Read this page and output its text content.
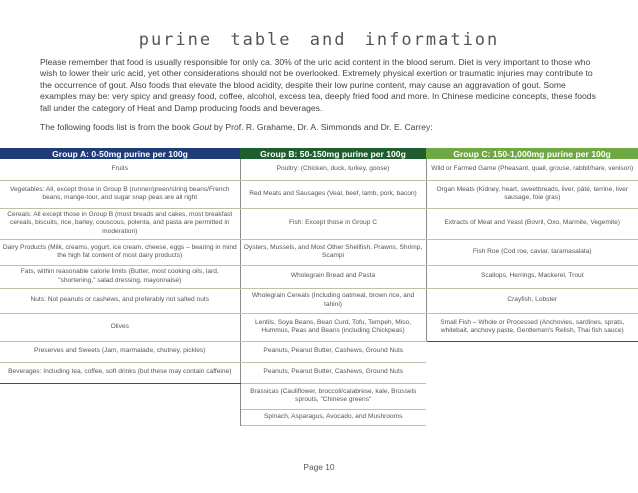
purine table and information

Please remember that food is usually responsible for only ca. 30% of the uric acid content in the blood serum. Diet is very important to those who wish to lower their uric acid, yet other considerations should not be overlooked. Extremely physical exertion or traumatic injuries may contribute to the occurrence of gout. Also foods that elevate the blood acidity, despite their low purine content, may cause an aggravation of gout. Some examples may be: very spicy and greasy food, coffee, alcohol, excess tea, deeply fried food and more. In Chinese medicine concepts, these foods fall under the category of Heat and Damp producing foods and beverages.

The following foods list is from the book Gout by Prof. R. Grahame, Dr. A. Simmonds and Dr. E. Carrey:

Group A: 0-50mg purine per 100g	Group B: 50-150mg purine per 100g	Group C: 150-1,000mg purine per 100g
Fruits	Poultry: (Chicken, duck, turkey, goose)	Wild or Farmed Game (Pheasant, quail, grouse, rabbit/hare, venison)
Vegetables: All, except those in Group B (runner/green/string beans/French beans, mange-tour, and sugar snap peas are all right	Red Meats and Sausages (Veal, beef, lamb, pork, bacon)	Organ Meats (Kidney, heart, sweetbreads, liver, pâté, terrine, liver sausage, foie gras)
Cereals: All except those in Group B (most breads and cakes, most breakfast cereals, biscuits, rice, barley, couscous, polenta, and pasta are permitted in moderation)	Fish: Except those in Group C	Extracts of Meat and Yeast (Bovril, Oxo, Marmite, Vegemite)
Dairy Products (Milk, creams, yogurt, ice cream, cheese, eggs – bearing in mind the high fat content of most dairy products)	Oysters, Mussels, and Most Other Shellfish, Prawns, Shrimp, Scampi	Fish Roe (Cod roe, caviar, taramasalata)
Fats, within reasonable calorie limits (Butter, most cooking oils, lard, "shortening," salad dressing, mayonnaise)	Wholegrain Bread and Pasta	Scallops, Herrings, Mackerel, Trout
Nuts: Not peanuts or cashews, and preferably not salted nuts	Wholegrain Cereals (Including oatmeal, brown rice, and tahini)	Crayfish, Lobster
Olives	Lentils, Soya Beans, Bean Curd, Tofu, Tempeh, Miso, Hummus, Peas and Beans (including Chickpeas)	Small Fish – Whole or Processed (Anchovies, sardines, sprats, whitebait, anchovy paste, Gentlemen's Relish, Thai fish sauce)
Preserves and Sweets (Jam, marmalade, chutney, pickles)	Peanuts, Peanut Butter, Cashews, Ground Nuts	
Beverages: Including tea, coffee, soft drinks (but these may contain caffeine)	Peanuts, Peanut Butter, Cashews, Ground Nuts	
	Brassicas (Cauliflower, broccoli/calabrese, kale, Brussels sprouts, "Chinese greens"	
	Spinach, Asparagus, Avocado, and Mushrooms	
Page 10
